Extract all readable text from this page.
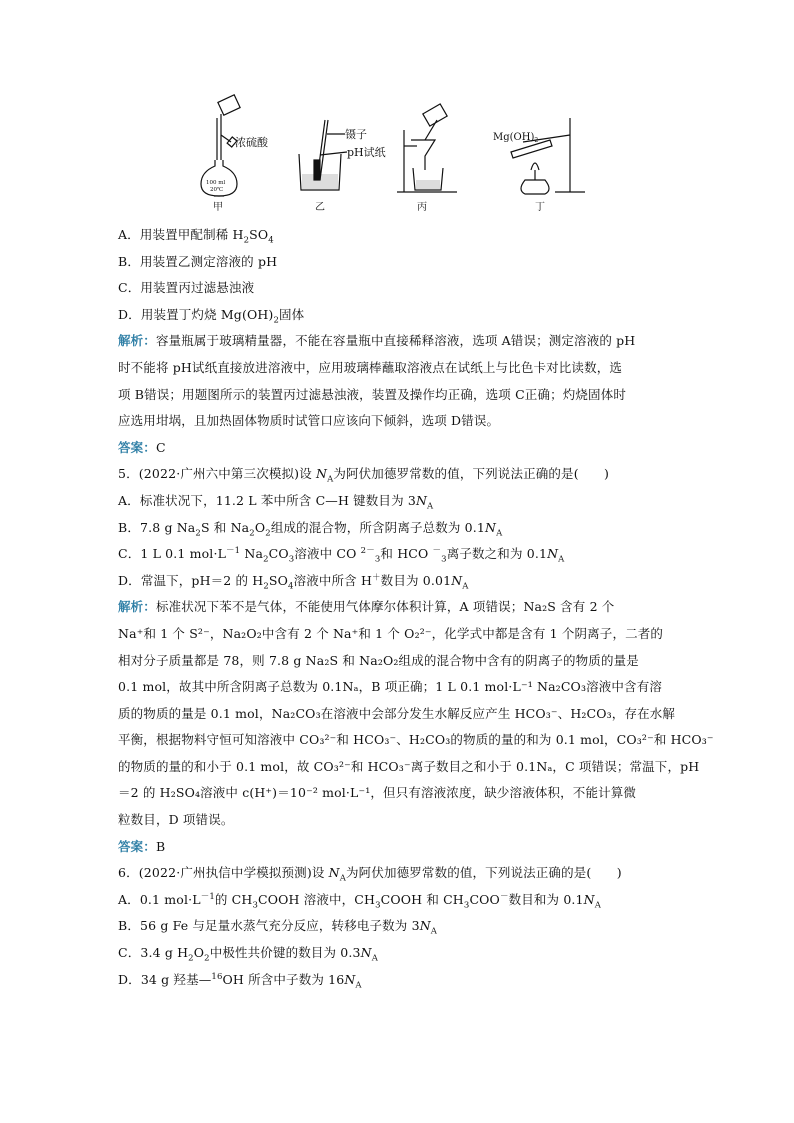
100 ml
20℃
浓硫酸
甲
镊子
pH试纸
乙	丙
$Mg(OH)_2$
丁
A．用装置甲配制稀 $H_2SO_4$
B．用装置乙测定溶液的 pH
C．用装置丙过滤悬浊液
D．用装置丁灼烧 $Mg(OH)_2$固体
解析：容量瓶属于玻璃精量器，不能在容量瓶中直接稀释溶液，选项 A错误；测定溶液的 pH
时不能将 pH试纸直接放进溶液中，应用玻璃棒蘸取溶液点在试纸上与比色卡对比读数，选
项 B错误；用题图所示的装置丙过滤悬浊液，装置及操作均正确，选项 C正确；灼烧固体时
应选用坩埚，且加热固体物质时试管口应该向下倾斜，选项 D错误。
答案：C
5．(2022·广州六中第三次模拟)设 $N_A$为阿伏加德罗常数的值，下列说法正确的是(　　)
A．标准状况下，11.2 L 苯中所含 C—H 键数目为 $3N_A$
B．7.8 g $Na_2S$ 和 $Na_2O_2$组成的混合物，所含阴离子总数为 $0.1N_A$
C．1 L 0.1 $mol\cdot L^{-1}$ $Na_2CO_3$溶液中 CO $^{2-}_3$和 HCO －$_3$离子数之和为 $0.1N_A$
D．常温下，pH＝2 的 $H_2SO_4$溶液中所含 H＋数目为 $0.01N_A$
解析：标准状况下苯不是气体，不能使用气体摩尔体积计算，A 项错误；Na₂S 含有 2 个
Na⁺和 1 个 S²⁻，Na₂O₂中含有 2 个 Na⁺和 1 个 O₂²⁻，化学式中都是含有 1 个阴离子，二者的
相对分子质量都是 78，则 7.8 g Na₂S 和 Na₂O₂组成的混合物中含有的阴离子的物质的量是
0.1 mol，故其中所含阴离子总数为 0.1Nₐ，B 项正确；1 L 0.1 mol·L⁻¹ Na₂CO₃溶液中含有溶
质的物质的量是 0.1 mol，Na₂CO₃在溶液中会部分发生水解反应产生 HCO₃⁻、H₂CO₃，存在水解
平衡，根据物料守恒可知溶液中 CO₃²⁻和 HCO₃⁻、H₂CO₃的物质的量的和为 0.1 mol，CO₃²⁻和 HCO₃⁻
的物质的量的和小于 0.1 mol，故 CO₃²⁻和 HCO₃⁻离子数目之和小于 0.1Nₐ，C 项错误；常温下，pH
＝2 的 H₂SO₄溶液中 c(H⁺)＝10⁻² mol·L⁻¹，但只有溶液浓度，缺少溶液体积，不能计算微
粒数目，D 项错误。
答案：B
6．(2022·广州执信中学模拟预测)设 $N_A$为阿伏加德罗常数的值，下列说法正确的是(　　)
A．0.1 $mol\cdot L^{-1}$的 $CH_3COOH$ 溶液中，$CH_3COOH$ 和 $CH_3COO^-$数目和为 $0.1N_A$
B．56 g Fe 与足量水蒸气充分反应，转移电子数为 $3N_A$
C．3.4 g $H_2O_2$中极性共价键的数目为 $0.3N_A$
D．34 g 羟基—$^{16}$OH 所含中子数为 $16N_A$
